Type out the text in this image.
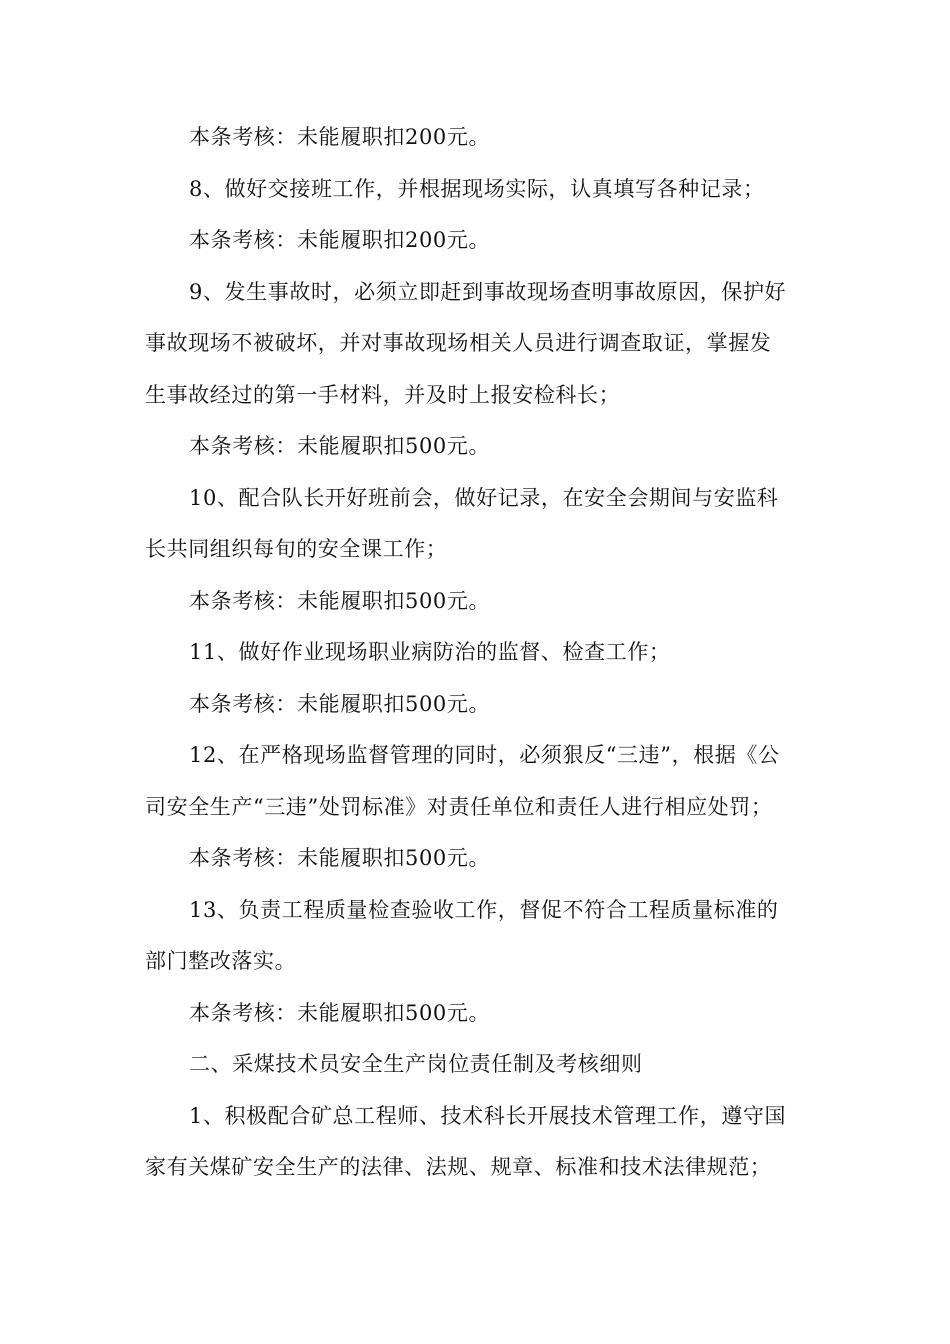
本条考核：未能履职扣200元。
8、做好交接班工作，并根据现场实际，认真填写各种记录；
本条考核：未能履职扣200元。
9、发生事故时，必须立即赶到事故现场查明事故原因，保护好
事故现场不被破坏，并对事故现场相关人员进行调查取证，掌握发
生事故经过的第一手材料，并及时上报安检科长；
本条考核：未能履职扣500元。
10、配合队长开好班前会，做好记录，在安全会期间与安监科
长共同组织每旬的安全课工作；
本条考核：未能履职扣500元。
11、做好作业现场职业病防治的监督、检查工作；
本条考核：未能履职扣500元。
12、在严格现场监督管理的同时，必须狠反“三违”，根据《公
司安全生产“三违”处罚标准》对责任单位和责任人进行相应处罚；
本条考核：未能履职扣500元。
13、负责工程质量检查验收工作，督促不符合工程质量标准的
部门整改落实。
本条考核：未能履职扣500元。
二、采煤技术员安全生产岗位责任制及考核细则
1、积极配合矿总工程师、技术科长开展技术管理工作，遵守国
家有关煤矿安全生产的法律、法规、规章、标准和技术法律规范；
